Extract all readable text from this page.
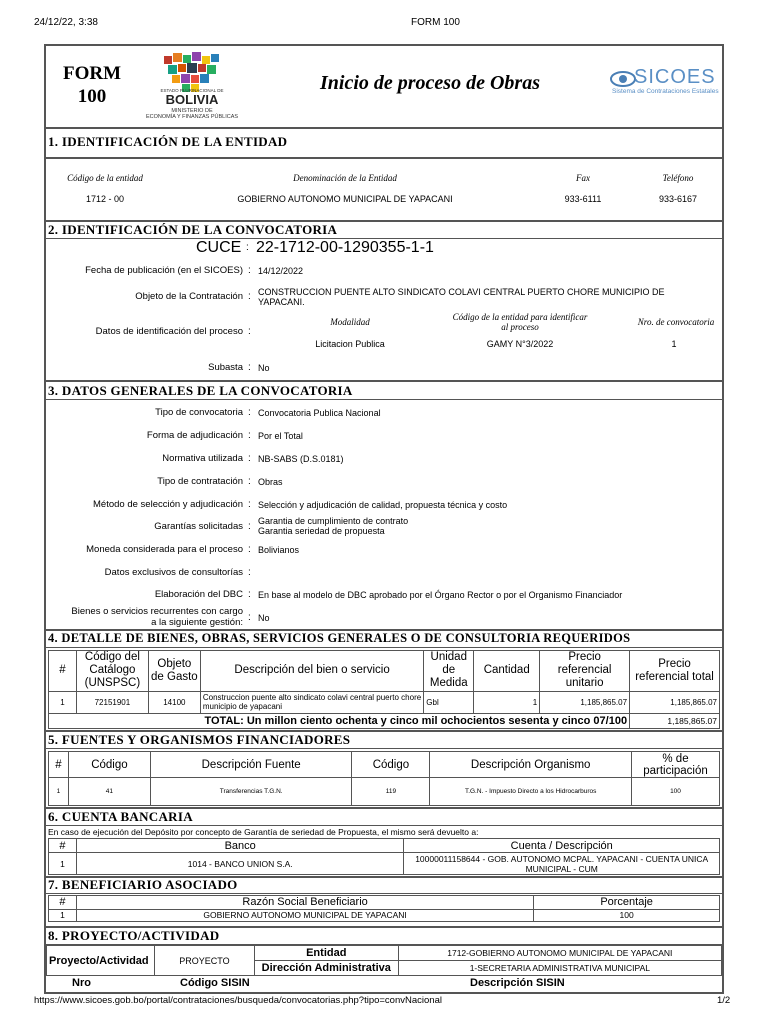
24/12/22, 3:38	FORM 100
FORM
100	ESTADO PLURINACIONAL DE
BOLIVIA
MINISTERIO DE
ECONOMÍA Y FINANZAS PÚBLICAS
Inicio de proceso de Obras	SICOES
Sistema de Contrataciones Estatales
1. IDENTIFICACIÓN DE LA ENTIDAD
Código de la entidad	Denominación de la Entidad	Fax	Teléfono
1712 - 00	GOBIERNO AUTONOMO MUNICIPAL DE YAPACANI	933-6111	933-6167
2. IDENTIFICACIÓN DE LA CONVOCATORIA
CUCE : 22-1712-00-1290355-1-1
Fecha de publicación (en el SICOES) : 14/12/2022
Objeto de la Contratación : CONSTRUCCION PUENTE ALTO SINDICATO COLAVI CENTRAL PUERTO CHORE MUNICIPIO DE YAPACANI.
Datos de identificación del proceso :
Modalidad	Código de la entidad para identificar al proceso	Nro. de convocatoria
Licitacion Publica	GAMY N°3/2022	1
Subasta : No
3. DATOS GENERALES DE LA CONVOCATORIA
Tipo de convocatoria : Convocatoria Publica Nacional
Forma de adjudicación : Por el Total
Normativa utilizada : NB-SABS (D.S.0181)
Tipo de contratación : Obras
Método de selección y adjudicación : Selección y adjudicación de calidad, propuesta técnica y costo
Garantías solicitadas : Garantia de cumplimiento de contrato
Garantia seriedad de propuesta
Moneda considerada para el proceso : Bolivianos
Datos exclusivos de consultorías :
Elaboración del DBC : En base al modelo de DBC aprobado por el Órgano Rector o por el Organismo Financiador
Bienes o servicios recurrentes con cargo
a la siguiente gestión: : No
4. DETALLE DE BIENES, OBRAS, SERVICIOS GENERALES O DE CONSULTORIA REQUERIDOS
#	Código del Catálogo (UNSPSC)	Objeto de Gasto	Descripción del bien o servicio	Unidad de Medida	Cantidad	Precio referencial unitario	Precio referencial total
1	72151901	14100	Construccion puente alto sindicato colavi central puerto chore municipio de yapacani	Gbl	1	1,185,865.07	1,185,865.07
TOTAL: Un millon ciento ochenta y cinco mil ochocientos sesenta y cinco 07/100							1,185,865.07
5. FUENTES Y ORGANISMOS FINANCIADORES
#	Código	Descripción Fuente	Código	Descripción Organismo	% de participación
1	41	Transferencias T.G.N.	119	T.G.N. - Impuesto Directo a los Hidrocarburos	100
6. CUENTA BANCARIA
En caso de ejecución del Depósito por concepto de Garantía de seriedad de Propuesta, el mismo será devuelto a:
#	Banco	Cuenta / Descripción
1	1014 - BANCO UNION S.A.	10000011158644 - GOB. AUTONOMO MCPAL. YAPACANI - CUENTA UNICA MUNICIPAL - CUM
7. BENEFICIARIO ASOCIADO
#	Razón Social Beneficiario	Porcentaje
1	GOBIERNO AUTONOMO MUNICIPAL DE YAPACANI	100
8. PROYECTO/ACTIVIDAD
Proyecto/Actividad	PROYECTO	Entidad	1712-GOBIERNO AUTONOMO MUNICIPAL DE YAPACANI
		Dirección Administrativa	1-SECRETARIA ADMINISTRATIVA MUNICIPAL
Nro	Código SISIN	Descripción SISIN
https://www.sicoes.gob.bo/portal/contrataciones/busqueda/convocatorias.php?tipo=convNacional	1/2
